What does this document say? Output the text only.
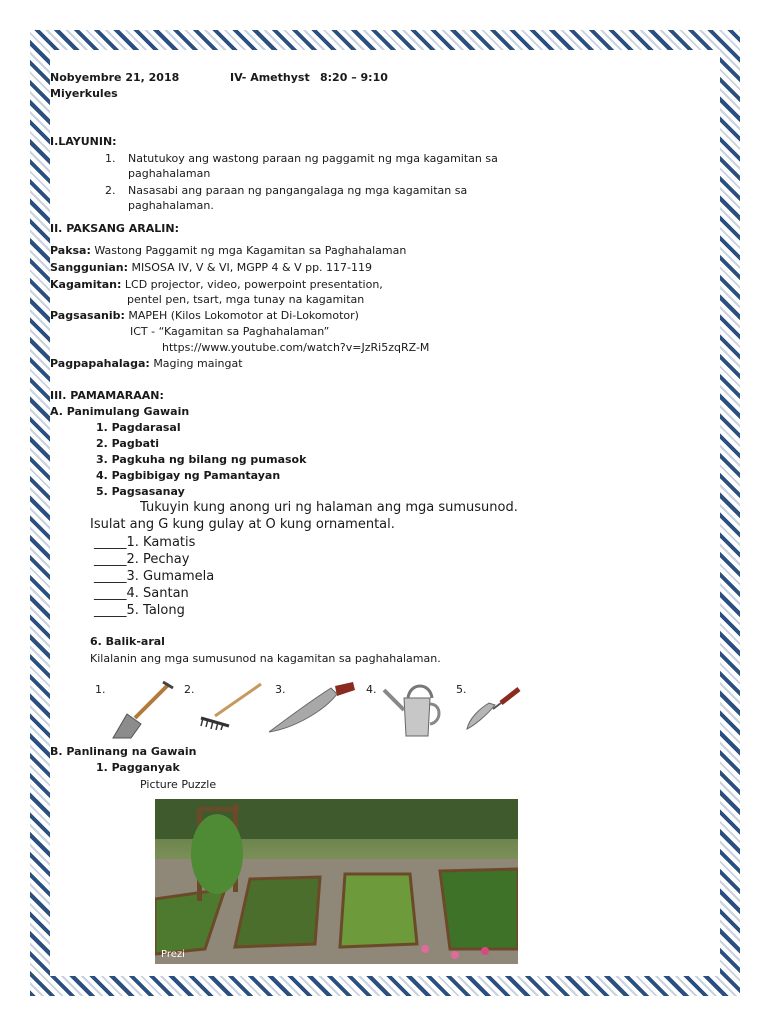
Nobyembre 21, 2018	IV- Amethyst 8:20 – 9:10
Miyerkules
I.LAYUNIN:
1. Natutukoy ang wastong paraan ng paggamit ng mga kagamitan sa
paghahalaman
2. Nasasabi ang paraan ng pangangalaga ng mga kagamitan sa
paghahalaman.
II. PAKSANG ARALIN:
Paksa: Wastong Paggamit ng mga Kagamitan sa Paghahalaman
Sanggunian: MISOSA IV, V & VI, MGPP 4 & V pp. 117-119
Kagamitan: LCD projector, video, powerpoint presentation,
pentel pen, tsart, mga tunay na kagamitan
Pagsasanib: MAPEH (Kilos Lokomotor at Di-Lokomotor)
ICT - “Kagamitan sa Paghahalaman”
https://www.youtube.com/watch?v=JzRi5zqRZ-M
Pagpapahalaga: Maging maingat
III. PAMAMARAAN:
A. Panimulang Gawain
1. Pagdarasal
2. Pagbati
3. Pagkuha ng bilang ng pumasok
4. Pagbibigay ng Pamantayan
5. Pagsasanay
Tukuyin kung anong uri ng halaman ang mga sumusunod.
Isulat ang G kung gulay at O kung ornamental.
_____1. Kamatis
_____2. Pechay
_____3. Gumamela
_____4. Santan
_____5. Talong
6. Balik-aral
Kilalanin ang mga sumusunod na kagamitan sa paghahalaman.
1.	2.	3.	4.	5.
B. Panlinang na Gawain
1. Pagganyak
Picture Puzzle
Prezi
